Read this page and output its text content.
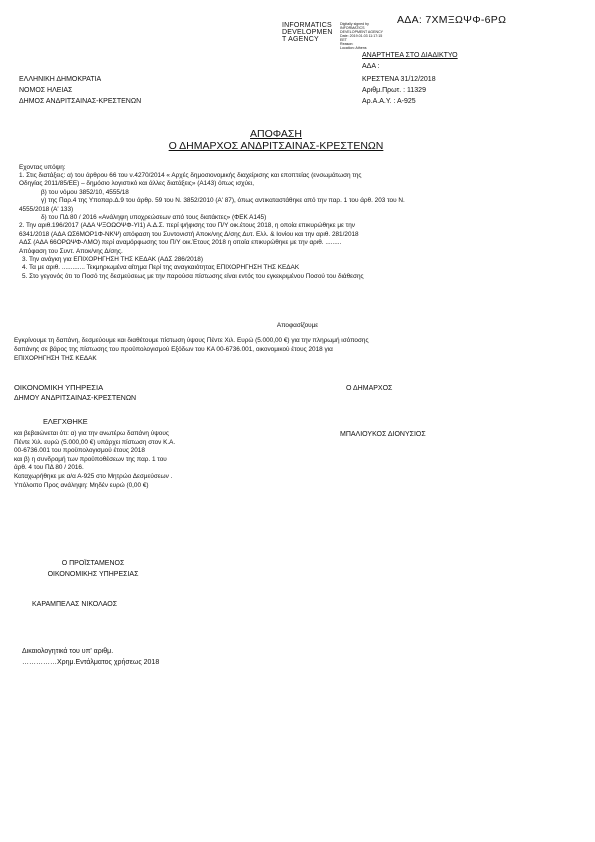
ΑΔΑ: 7ΧΜΞΩΨΦ-6ΡΩ
INFORMATICS
DEVELOPMEN
T AGENCY
Digitally signed by
INFORMATICS
DEVELOPMENT AGENCY
Date: 2019.01.03 11:17:15
EET
Reason:
Location: Athens
ΑΝΑΡΤΗΤΕΑ ΣΤΟ ΔΙΑΔΙΚΤΥΟ
ΑΔΑ :
ΕΛΛΗΝΙΚΗ ΔΗΜΟΚΡΑΤΙΑ
ΝΟΜΟΣ ΗΛΕΙΑΣ
ΔΗΜΟΣ ΑΝΔΡΙΤΣΑΙΝΑΣ-ΚΡΕΣΤΕΝΩΝ
ΚΡΕΣΤΕΝΑ 31/12/2018
Αριθμ.Πρωτ. : 11329
Αρ.Α.Α.Υ. : Α-925
ΑΠΟΦΑΣΗ
Ο ΔΗΜΑΡΧΟΣ ΑΝΔΡΙΤΣΑΙΝΑΣ-ΚΡΕΣΤΕΝΩΝ
Εχοντας υπόψη:
1. Στις διατάξεις: α) του άρθρου 66 του ν.4270/2014 « Αρχές δημοσιονομικής διαχείρισης και εποπτείας (ενσωμάτωση της
Οδηγίας 2011/85/ΕΕ) – δημόσιο λογιστικό και άλλες διατάξεις» (Α143) όπως ισχύει,
β) του νόμου 3852/10, 4555/18
γ) της Παρ.4 της Υποπαρ.Δ.9 του άρθρ. 59 του Ν. 3852/2010 (Α' 87), όπως αντικαταστάθηκε από την παρ. 1 του άρθ. 203 του Ν.
4555/2018 (Α' 133)
δ) του ΠΔ 80 / 2016 «Ανάληψη υποχρεώσεων από τους διατάκτες» (ΦΕΚ Α145)
2. Την αριθ.196/2017 (ΑΔΑ ΨΞΟΩΟΨΦ-ΥΙ1) Α.Δ.Σ. περί ψήφισης του Π/Υ οικ.έτους 2018, η οποία επικυρώθηκε με την
6341/2018 (ΑΔΑ ΩΣ6ΜΟΡ1Φ-ΝΚΨ) απόφαση του Συντονιστή Αποκ/νης Δ/σης Δυτ. Ελλ. & Ιονίου και την αριθ. 281/2018
ΑΔΣ (ΑΔΑ 66ΟΡΩΨΦ-ΛΜΟ) περί αναμόρφωσης του Π/Υ οικ.Έτους 2018 η οποία επικυρώθηκε με την αριθ. .........
Απόφαση του Συντ. Αποκ/νης Δ/σης.
3. Την ανάγκη για ΕΠΙΧΟΡΗΓΗΣΗ ΤΗΣ ΚΕΔΑΚ (ΑΔΣ 286/2018)
4. Τα με αριθ. ............. Τεκμηριωμένα αίτημα Περί της αναγκαιότητας ΕΠΙΧΟΡΗΓΗΣΗ ΤΗΣ ΚΕΔΑΚ
5. Στο γεγονός ότι το Ποσό της δεσμεύσεως με την παρούσα πίστωσης είναι εντός του εγκεκριμένου Ποσού του διάθεσης
Αποφασίζουμε
Εγκρίνουμε τη δαπάνη, δεσμεύουμε και διαθέτουμε πίστωση ύψους Πέντε Χιλ. Ευρώ (5.000,00 €) για την πληρωμή ισόποσης
δαπάνης σε βάρος της πίστωσης του προϋπολογισμού Εξόδων του ΚΑ 00-6736.001, οικονομικού έτους 2018 για
ΕΠΙΧΟΡΗΓΗΣΗ ΤΗΣ ΚΕΔΑΚ
ΟΙΚΟΝΟΜΙΚΗ ΥΠΗΡΕΣΙΑ
ΔΗΜΟΥ ΑΝΔΡΙΤΣΑΙΝΑΣ-ΚΡΕΣΤΕΝΩΝ
Ο ΔΗΜΑΡΧΟΣ
ΕΛΕΓΧΘΗΚΕ
και βεβαιώνεται ότι: α) για την ανωτέρω δαπάνη ύψους
Πέντε Χιλ. ευρώ (5.000,00 €) υπάρχει πίστωση στον Κ.Α.
00-6736.001 του προϋπολογισμού έτους 2018
και β) η συνδρομή των προϋποθέσεων της παρ. 1 του
άρθ. 4 του ΠΔ 80 / 2016.
Καταχωρήθηκε με α/α Α-925 στο Μητρώο Δεσμεύσεων .
Υπόλοιπο Προς ανάληψη: Μηδέν ευρώ (0,00 €)
ΜΠΑΛΙΟΥΚΟΣ ΔΙΟΝΥΣΙΟΣ
Ο ΠΡΟΪΣΤΑΜΕΝΟΣ
ΟΙΚΟΝΟΜΙΚΗΣ ΥΠΗΡΕΣΙΑΣ
ΚΑΡΑΜΠΕΛΑΣ ΝΙΚΟΛΑΟΣ
Δικαιολογητικά του υπ' αριθμ.
……………Χρημ.Εντάλματος χρήσεως 2018
